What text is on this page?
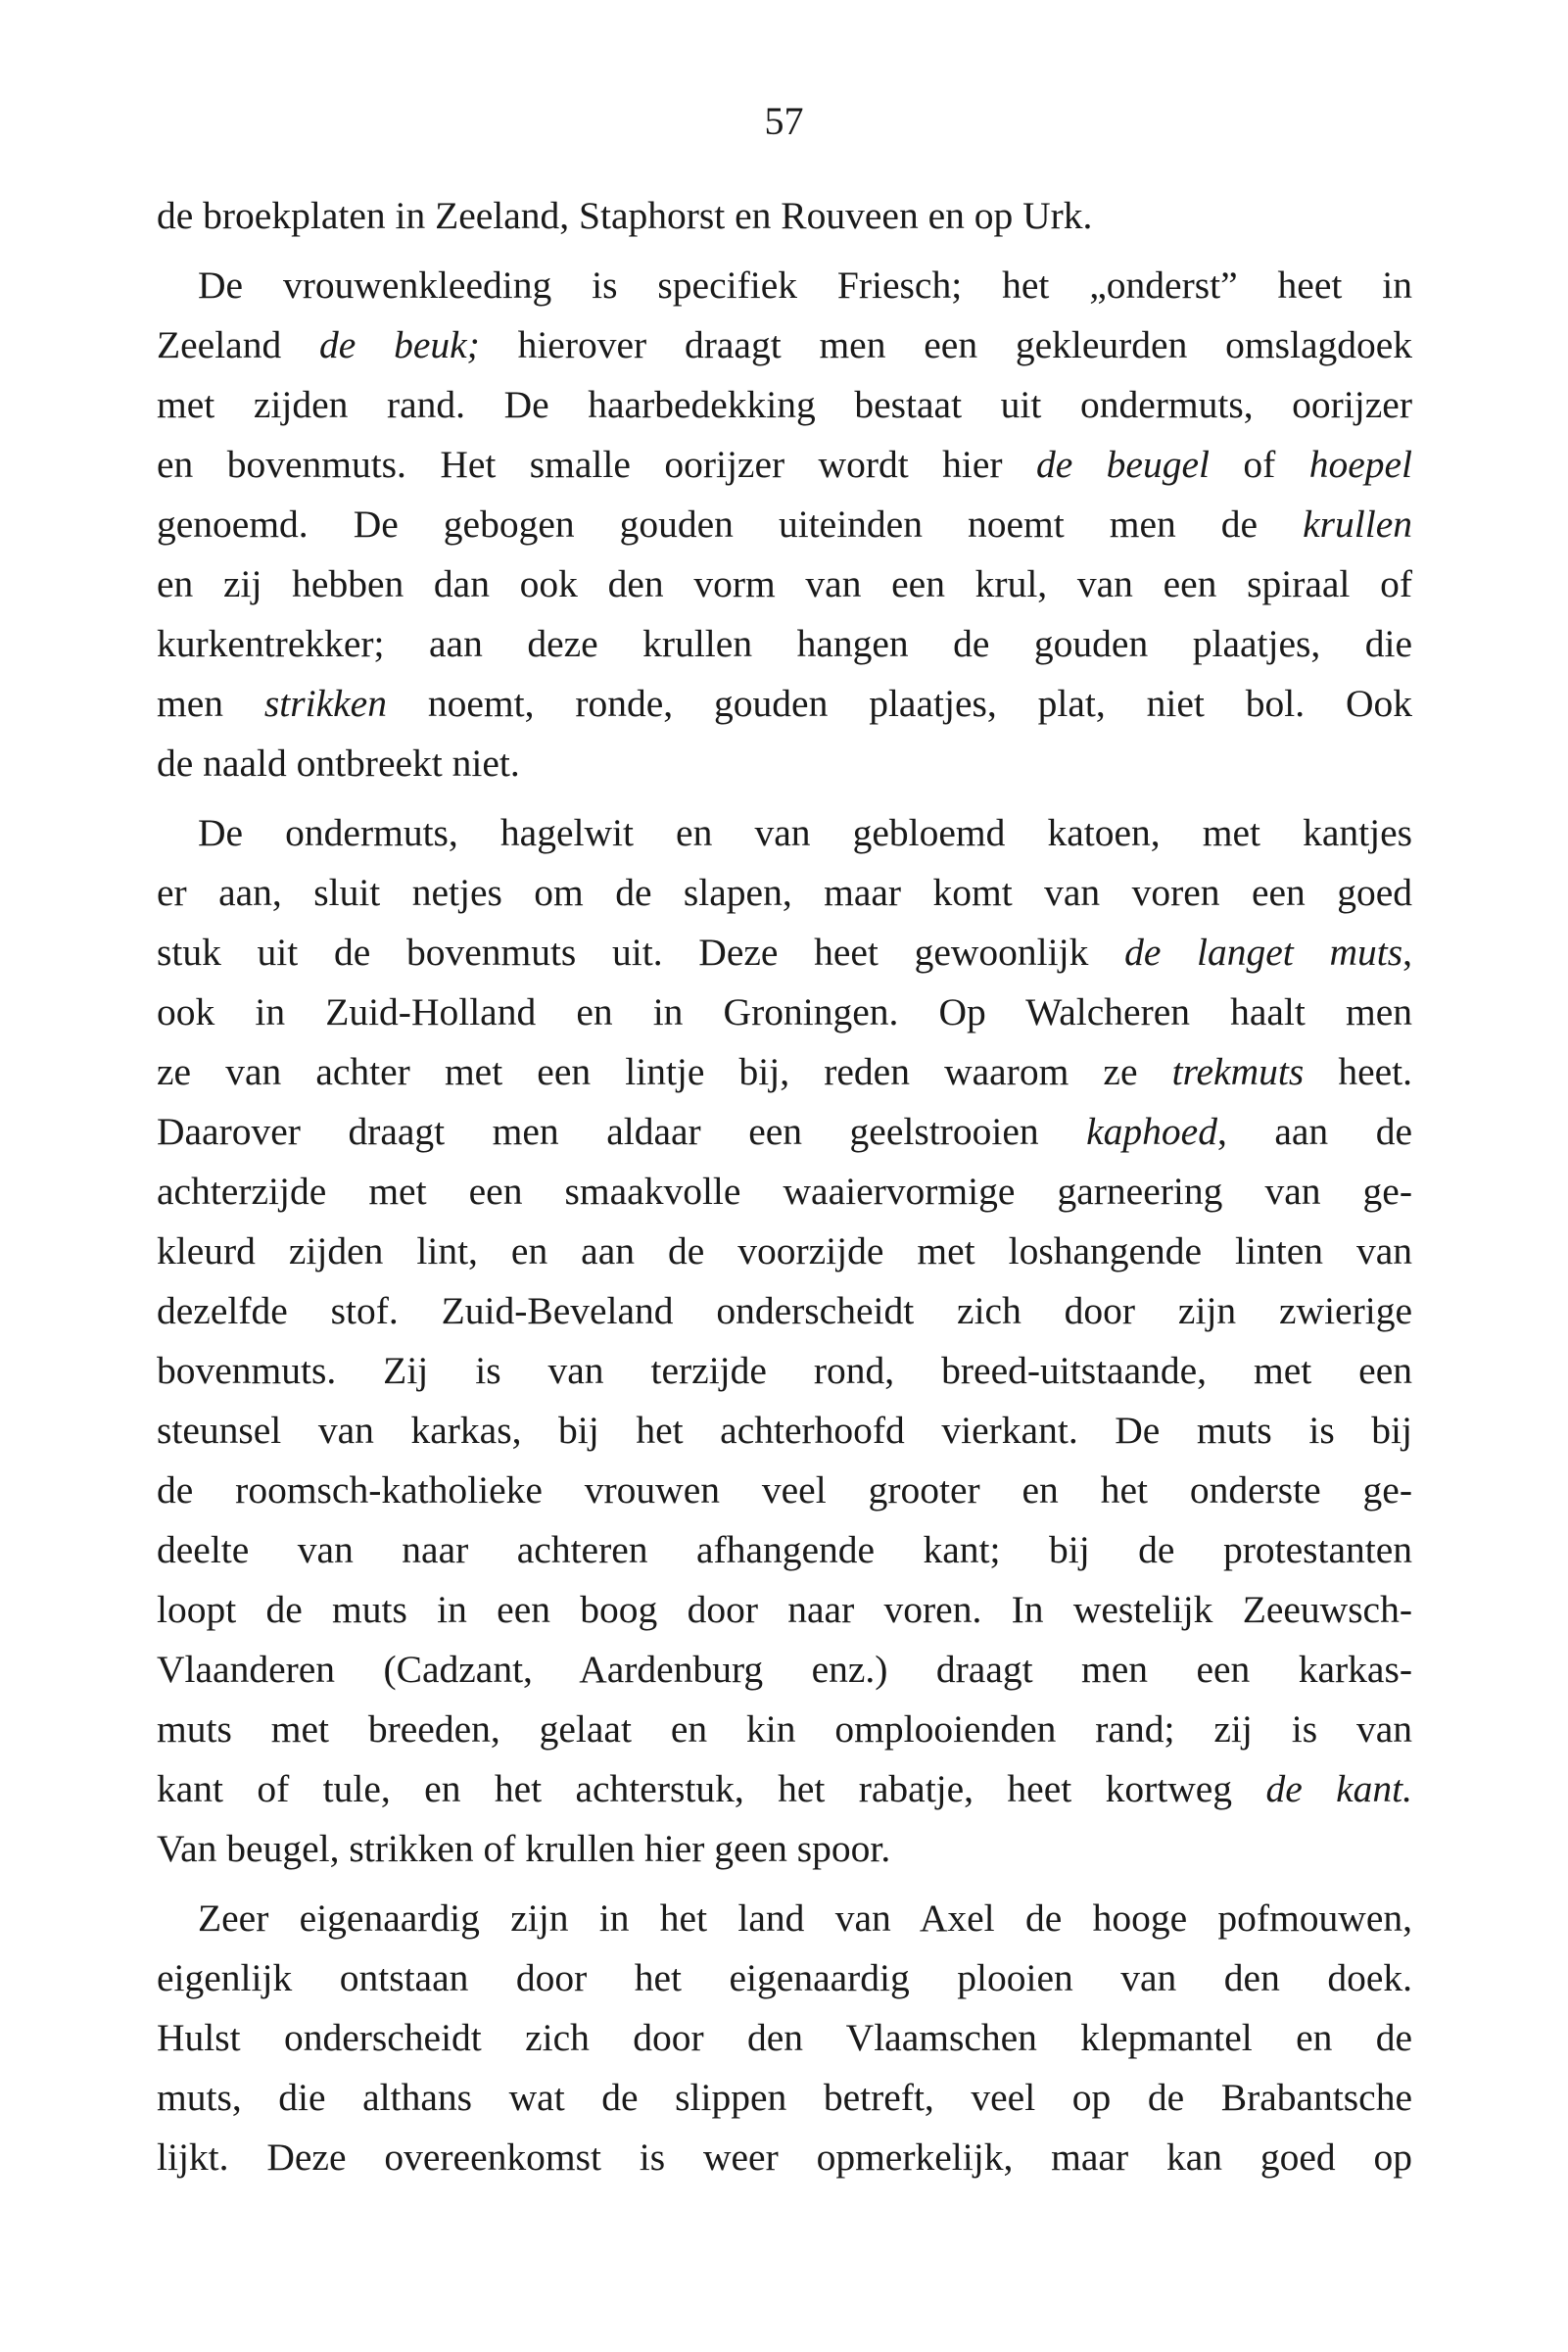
57
de broekplaten in Zeeland, Staphorst en Rouveen en op Urk.
De vrouwenkleeding is specifiek Friesch; het „onderst” heet in
Zeeland de beuk; hierover draagt men een gekleurden omslagdoek
met zijden rand. De haarbedekking bestaat uit ondermuts, oorijzer
en bovenmuts. Het smalle oorijzer wordt hier de beugel of hoepel
genoemd. De gebogen gouden uiteinden noemt men de krullen
en zij hebben dan ook den vorm van een krul, van een spiraal of
kurkentrekker; aan deze krullen hangen de gouden plaatjes, die
men strikken noemt, ronde, gouden plaatjes, plat, niet bol. Ook
de naald ontbreekt niet.
De ondermuts, hagelwit en van gebloemd katoen, met kantjes
er aan, sluit netjes om de slapen, maar komt van voren een goed
stuk uit de bovenmuts uit. Deze heet gewoonlijk de langet muts,
ook in Zuid-Holland en in Groningen. Op Walcheren haalt men
ze van achter met een lintje bij, reden waarom ze trekmuts heet.
Daarover draagt men aldaar een geelstrooien kaphoed, aan de
achterzijde met een smaakvolle waaiervormige garneering van ge-
kleurd zijden lint, en aan de voorzijde met loshangende linten van
dezelfde stof. Zuid-Beveland onderscheidt zich door zijn zwierige
bovenmuts. Zij is van terzijde rond, breed-uitstaande, met een
steunsel van karkas, bij het achterhoofd vierkant. De muts is bij
de roomsch-katholieke vrouwen veel grooter en het onderste ge-
deelte van naar achteren afhangende kant; bij de protestanten
loopt de muts in een boog door naar voren. In westelijk Zeeuwsch-
Vlaanderen (Cadzant, Aardenburg enz.) draagt men een karkas-
muts met breeden, gelaat en kin omplooienden rand; zij is van
kant of tule, en het achterstuk, het rabatje, heet kortweg de kant.
Van beugel, strikken of krullen hier geen spoor.
Zeer eigenaardig zijn in het land van Axel de hooge pofmouwen,
eigenlijk ontstaan door het eigenaardig plooien van den doek.
Hulst onderscheidt zich door den Vlaamschen klepmantel en de
muts, die althans wat de slippen betreft, veel op de Brabantsche
lijkt. Deze overeenkomst is weer opmerkelijk, maar kan goed op
